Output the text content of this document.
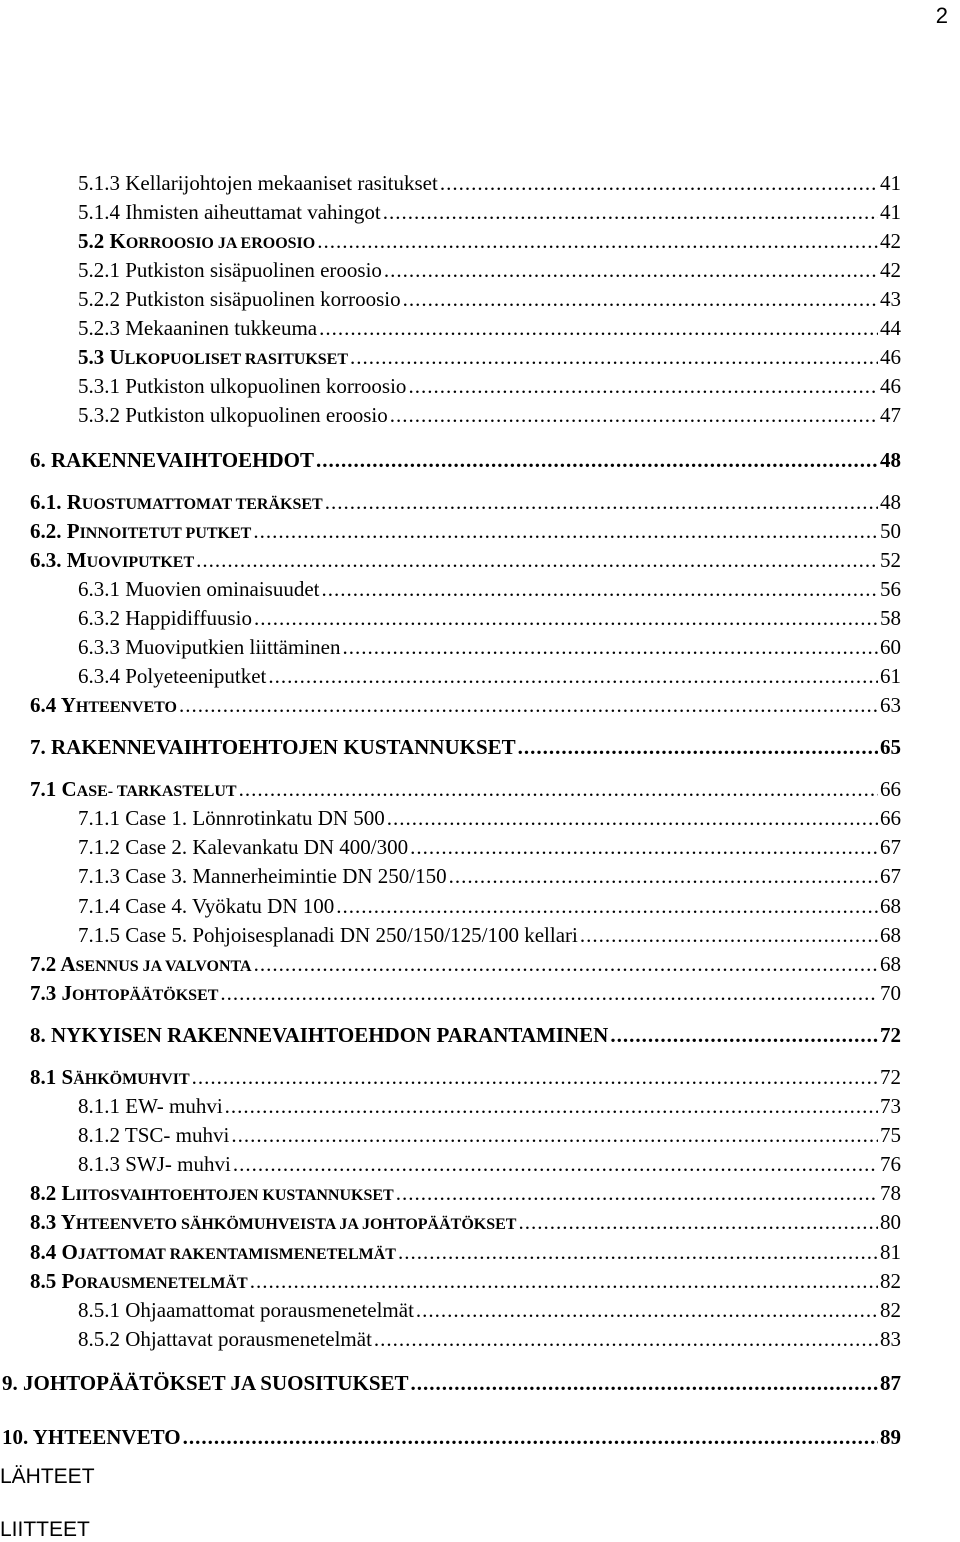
2
5.1.3 Kellarijohtojen mekaaniset rasitukset .....	41
5.1.4 Ihmisten aiheuttamat vahingot .....	41
5.2 KORROOSIO JA EROOSIO .....	42
5.2.1 Putkiston sisäpuolinen eroosio .....	42
5.2.2 Putkiston sisäpuolinen korroosio .....	43
5.2.3 Mekaaninen tukkeuma .....	44
5.3 ULKOPUOLISET RASITUKSET .....	46
5.3.1 Putkiston ulkopuolinen korroosio .....	46
5.3.2 Putkiston ulkopuolinen eroosio .....	47
6. RAKENNEVAIHTOEHDOT .....	48
6.1. RUOSTUMATTOMAT TERÄKSET .....	48
6.2. PINNOITETUT PUTKET .....	50
6.3. MUOVIPUTKET .....	52
6.3.1 Muovien ominaisuudet .....	56
6.3.2 Happidiffuusio .....	58
6.3.3 Muoviputkien liittäminen .....	60
6.3.4 Polyeteeniputket .....	61
6.4 YHTEENVETO .....	63
7. RAKENNEVAIHTOEHTOJEN KUSTANNUKSET .....	65
7.1 CASE- TARKASTELUT .....	66
7.1.1 Case 1. Lönnrotinkatu DN 500 .....	66
7.1.2 Case 2. Kalevankatu DN 400/300 .....	67
7.1.3 Case 3. Mannerheimintie DN 250/150 .....	67
7.1.4 Case 4. Vyökatu DN 100 .....	68
7.1.5 Case 5. Pohjoisesplanadi DN 250/150/125/100 kellari .....	68
7.2 ASENNUS JA VALVONTA .....	68
7.3 JOHTOPÄÄTÖKSET .....	70
8. NYKYISEN RAKENNEVAIHTOEHDON PARANTAMINEN .....	72
8.1 SÄHKÖMUHVIT .....	72
8.1.1 EW- muhvi .....	73
8.1.2 TSC- muhvi .....	75
8.1.3 SWJ- muhvi .....	76
8.2 LIITOSVAIHTOEHTOJEN KUSTANNUKSET .....	78
8.3 YHTEENVETO SÄHKÖMUHVEISTA JA JOHTOPÄÄTÖKSET .....	80
8.4 OJATTOMAT RAKENTAMISMENETELMÄT .....	81
8.5 PORAUSMENETELMÄT .....	82
8.5.1 Ohjaamattomat porausmenetelmät .....	82
8.5.2 Ohjattavat porausmenetelmät .....	83
9. JOHTOPÄÄTÖKSET JA SUOSITUKSET .....	87
10. YHTEENVETO .....	89
LÄHTEET
LIITTEET
